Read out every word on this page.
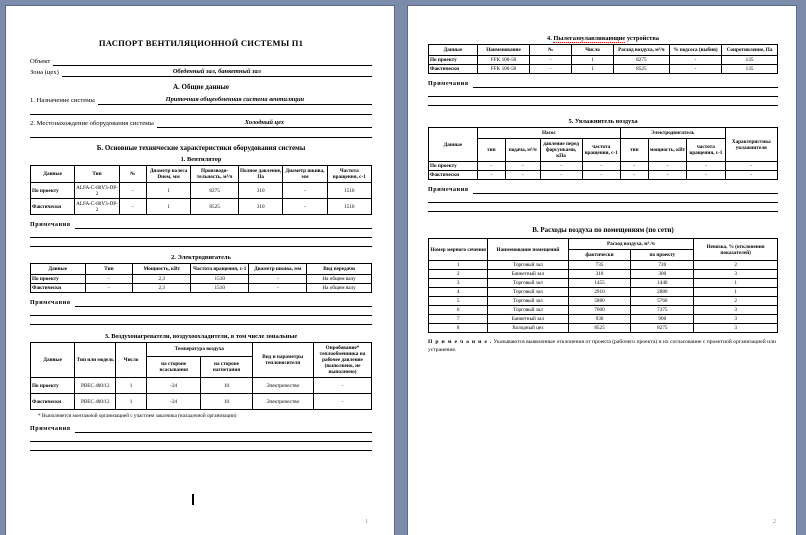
ПАСПОРТ ВЕНТИЛЯЦИОННОЙ СИСТЕМЫ П1
Объект
Зона (цех)	Обеденный зал, банкетный зал
А. Общие данные
1. Назначение системы	Приточная общеобменная система вентиляции
2. Местонахождение оборудования системы	Холодный цех
Б. Основные технические характеристики оборудования системы
1. Вентилятор
Данные	Тип	№	Диаметр колеса Dном, мм	Производи-тельность, м³/ч	Полное давление, Па	Диаметр шкива, мм	Частота вращения, с-1
По проекту	ALFA-C-80V3-DP-2	-	1	8275	310	-	1510
Фактически	ALFA-C-80V3-DP-2	-	1	8525	310	-	1510
Примечания
2. Электродвигатель
Данные	Тип	Мощность, кВт	Частота вращения, с-1	Диаметр шкива, мм	Вид передачи
По проекту	-	2,3	1510	-	На общем валу
Фактически	-	2,3	1510	-	На общем валу
Примечания
3. Воздухонагреватели, воздухоохладители, в том числе зональные
Данные	Тип или модель	Число	Температура воздуха		Вид и параметры теплоносителя	Опробование* теплообменника на рабочее давление (выполнено, не выполнено)
			на стороне всасывания	на стороне нагнетания		
По проекту	РВЕС 400/12	1	-24	10	Электричество	-
Фактически	РВЕС 400/12	1	-24	10	Электричество	-
* Выполняется монтажной организацией с участием заказчика (наладочной организации)
Примечания
1
4. Пылегазоулавливающие устройства
Данные	Наименование	№	Число	Расход воздуха, м³/ч	% подсоса (выбив)	Сопротивление, Па
По проекту	FFK 100-50	-	1	8275	-	135
Фактически	FFK 100-50	-	1	8525	-	135
Примечания
5. Увлажнитель воздуха
Данные	Насос				Электродвигатель			Характеристика увлажнителя
	тип	подача, м³/ч	давление перед форсунками, кПа	частота вращения, с-1	тип	мощность, кВт	частота вращения, с-1	
По проекту	-	-	-	-	-	-	-	-
Фактически	-	-	-	-	-	-	-	-
Примечания
В. Расходы воздуха по помещениям (по сети)
Номер мерного сечения	Наименование помещений	Расход воздуха, м³ /ч		Невязка, % (отклонения показателей)
		фактически	по проекту	
1	Торговый зал	735	720	2
2	Банкетный зал	310	300	3
3	Торговый зал	1455	1440	1
4	Торговый зал	2910	2880	1
5	Торговый зал	5880	5760	2
6	Торговый зал	7600	7375	3
7	Банкетный зал	930	900	3
8	Холодный цех	8525	8275	3
П р и м е ч а н и е . Указываются выявленные отклонения от проекта (рабочего проекта) и их согласование с проектной организацией или устранение.
2
